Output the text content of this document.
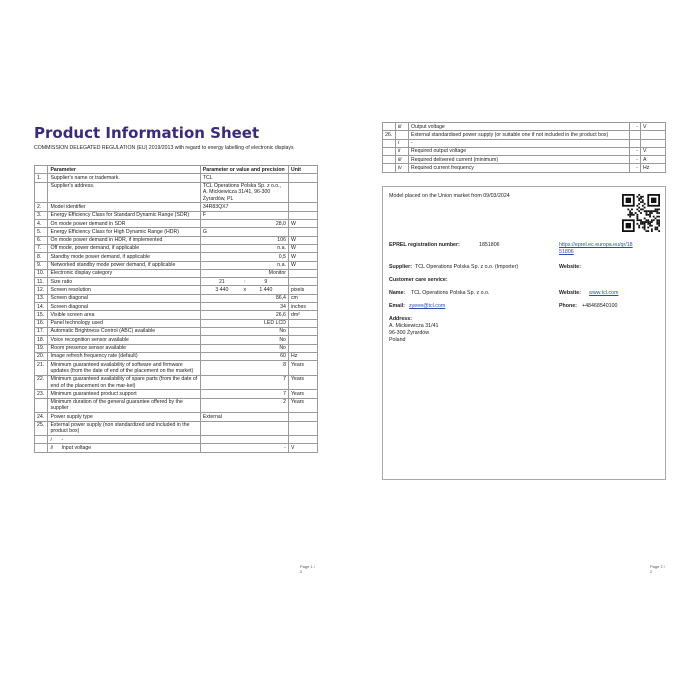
Product Information Sheet
COMMISSION DELEGATED REGULATION (EU) 2019/2013 with regard to energy labelling of electronic displays
	Parameter	Parameter or value and precision	Unit
1.	Supplier's name or trademark.	TCL	
	Supplier's address.	TCL Operations Polska Sp. z o.o., A. Mickiewicza 31/41, 96-300 Żyrardów, PL	
2.	Model identifier	34R83QX7	
3.	Energy Efficiency Class for Standard Dynamic Range (SDR)	F	
4.	On mode power demand in SDR	28,0	W
5.	Energy Efficiency Class for High Dynamic Range (HDR)	G	
6.	On mode power demand in HDR, if implemented	106	W
7.	Off mode, power demand, if applicable	n.a.	W
8.	Standby mode power demand, if applicable	0,5	W
9.	Networked standby mode power demand, if applicable	n.a.	W
10.	Electronic display category	Monitor	
11.	Size ratio	21 : 9	
12.	Screen resolution	3 440 x 1 440	pixels
13.	Screen diagonal	86,4	cm
14.	Screen diagonal	34	inches
15.	Visible screen area	26,6	dm²
16.	Panel technology used	LED LCD	
17.	Automatic Brightness Control (ABC) available	No	
18.	Voice recognition sensor available	No	
19.	Room presence sensor available	No	
20.	Image refresh frequency rate (default)	60	Hz
21.	Minimum guaranteed availability of software and firmware updates (from the date of end of the placement on the market)	8	Years
22.	Minimum guaranteed availability of spare parts (from the date of end of the placement on the mar-ket)	7	Years
23.	Minimum guaranteed product support	7	Years
	Minimum duration of the general guarantee offered by the supplier	2	Years
24.	Power supply type	External	
25.	External power supply (non standardized and included in the product box)		
	i -		
	ii Input voltage	-	V
Page 1 / 2
	iii	Output voltage	-	V
26.		External standardised power supply (or suitable one if not included in the product box)		
	i	-		
	ii	Required output voltage	-	V
	iii	Required delivered current (minimum)	-	A
	iv	Required current frequency	-	Hz
Model placed on the Union market from 09/03/2024
EPREL registration number:	1851806	https://eprel.ec.europa.eu/qr/18
51806
Supplier: TCL Operations Polska Sp. z o.o. (Importer)	Website:
Customer care service:
Name: TCL Operations Polska Sp. z o.o.	Website: www.tcl.com
Email: zyeee@tcl.com	Phone: +48468540100
Address:
A. Mickiewicza 31/41
96-300 Żyrardów
Poland
Page 2 / 2
